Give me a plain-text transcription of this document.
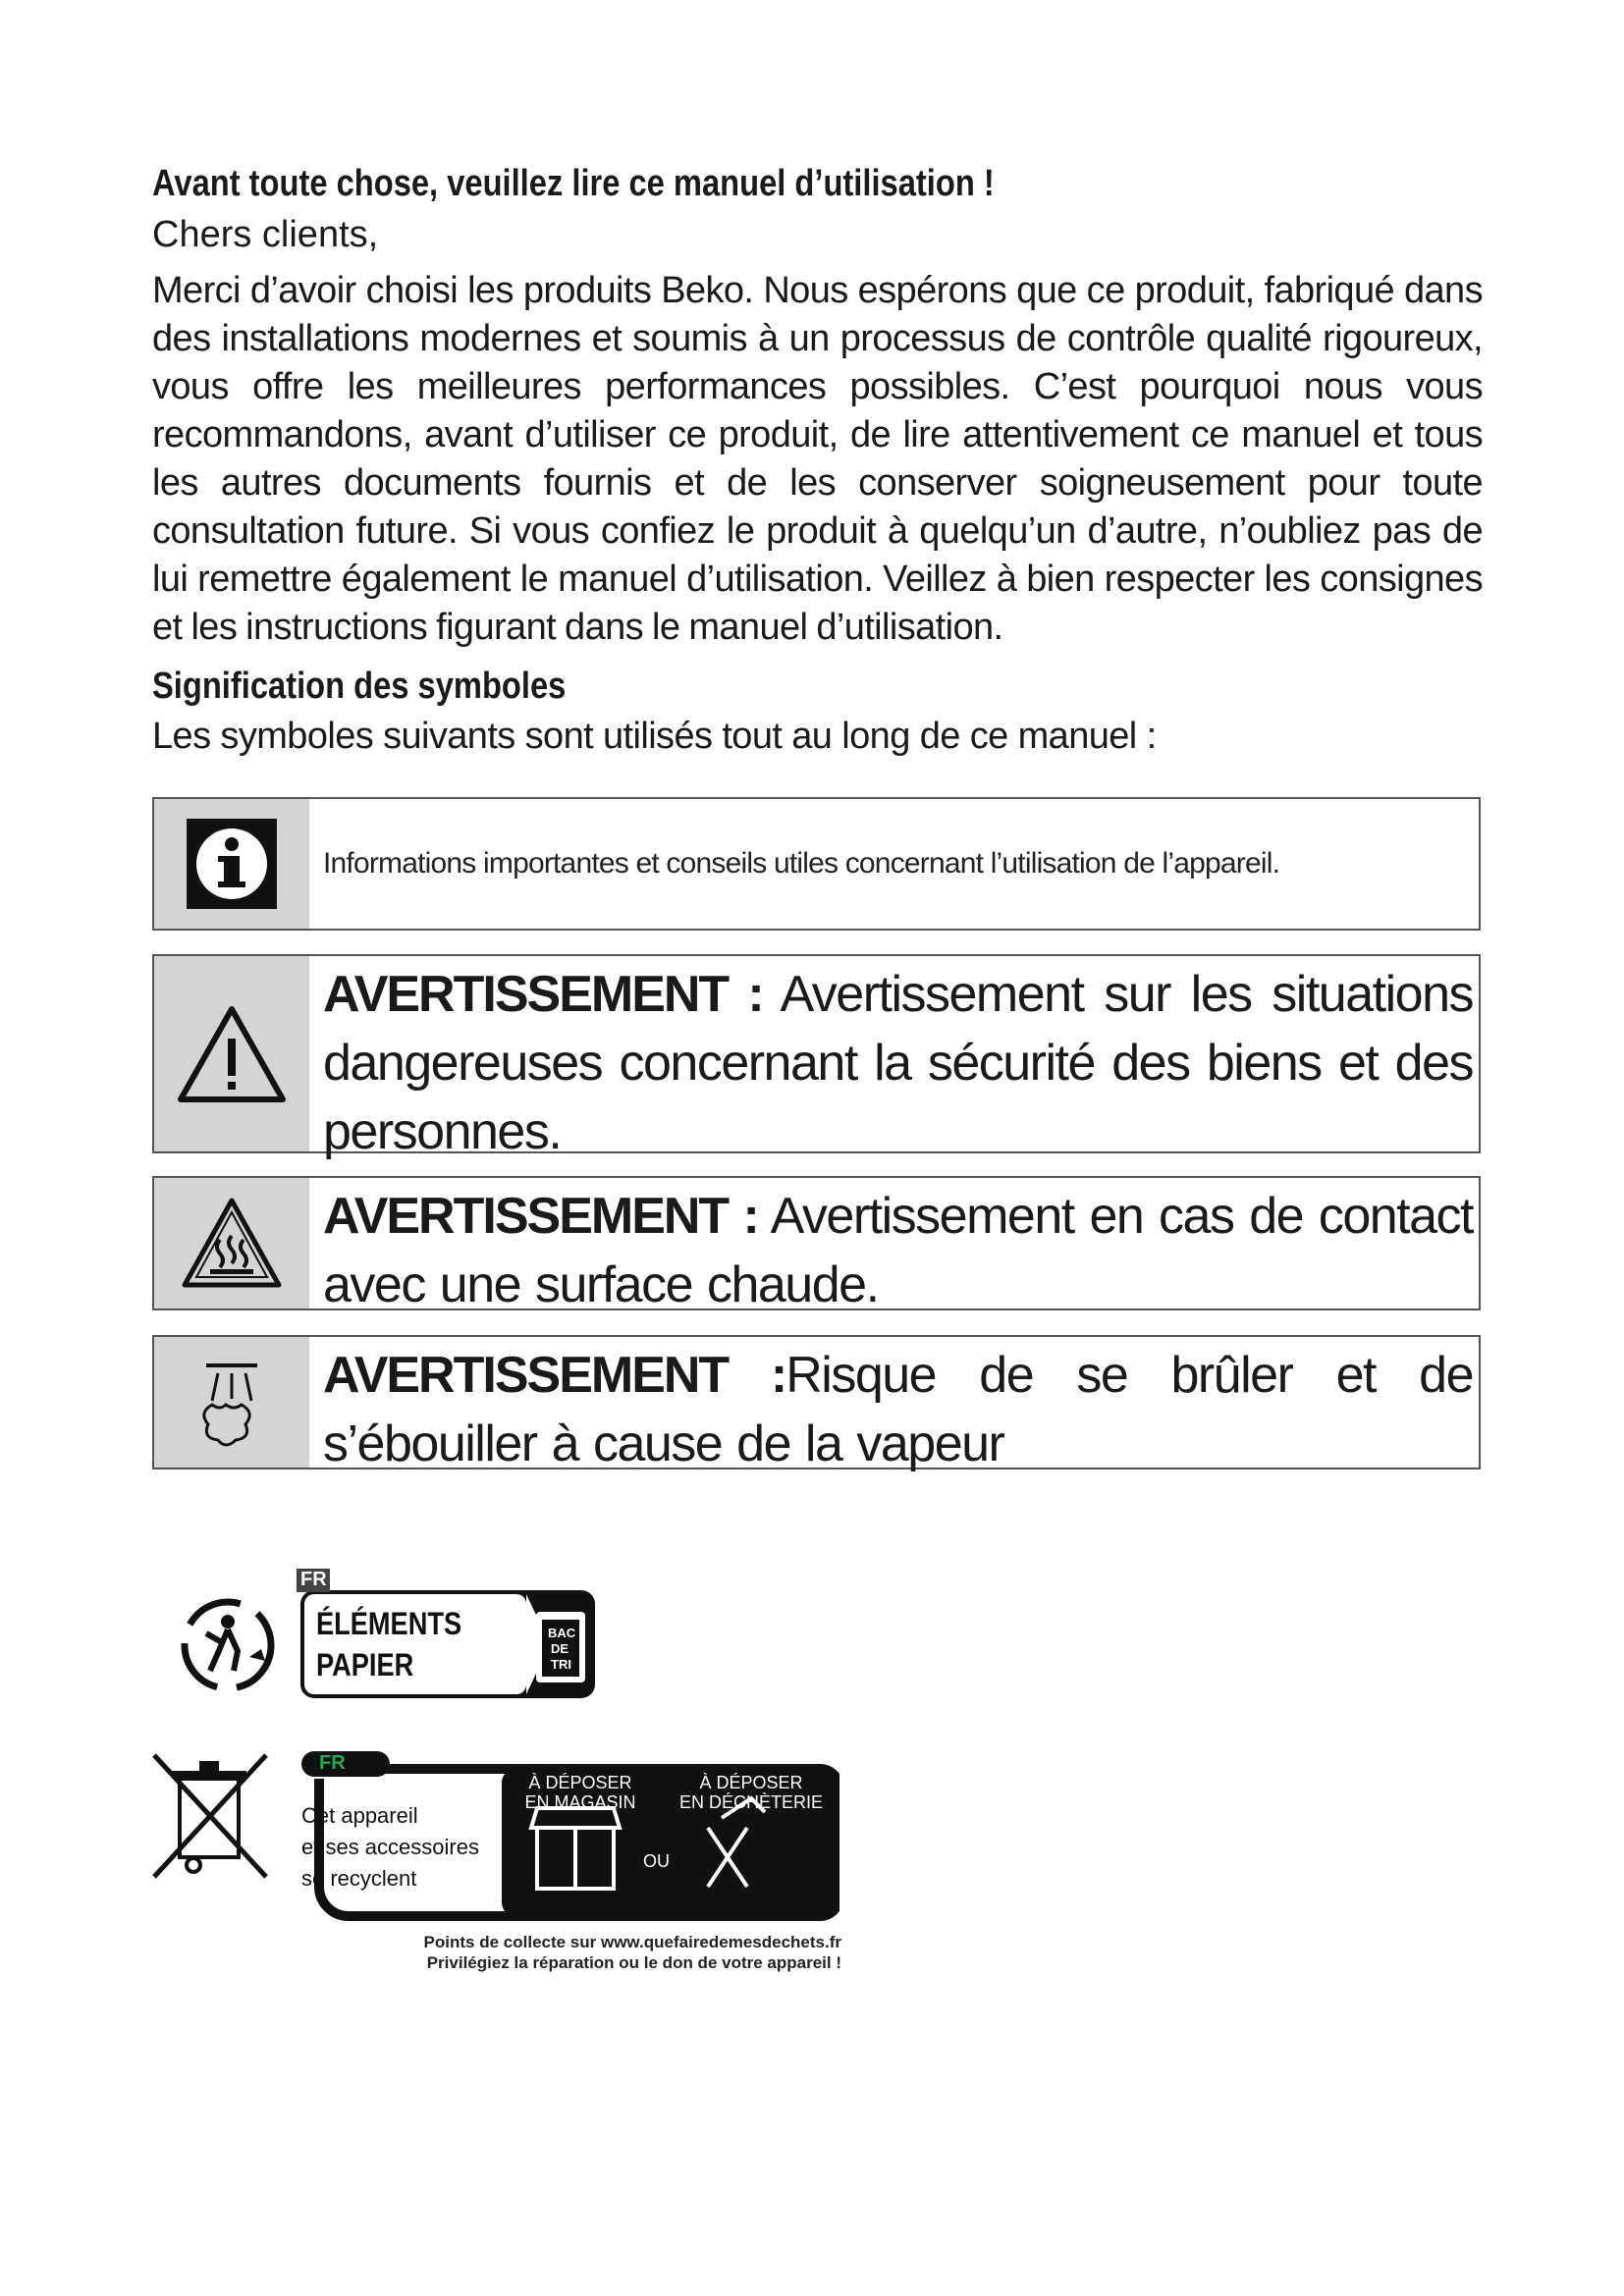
Avant toute chose, veuillez lire ce manuel d’utilisation !

Chers clients,

Merci d’avoir choisi les produits Beko. Nous espérons que ce produit, fabriqué dans des installations modernes et soumis à un processus de contrôle qualité rigoureux, vous offre les meilleures performances possibles. C’est pourquoi nous vous recommandons, avant d’utiliser ce produit, de lire attentivement ce manuel et tous les autres documents fournis et de les conserver soigneusement pour toute consultation future. Si vous confiez le produit à quelqu’un d’autre, n’oubliez pas de lui remettre également le manuel d’utilisation. Veillez à bien respecter les consignes et les instructions figurant dans le manuel d’utilisation.

Signification des symboles

Les symboles suivants sont utilisés tout au long de ce manuel :

Informations importantes et conseils utiles concernant l’utilisation de l’appareil.
AVERTISSEMENT : Avertissement sur les situations dangereuses concernant la sécurité des biens et des personnes.
AVERTISSEMENT : Avertissement en cas de contact avec une surface chaude.
AVERTISSEMENT :Risque de se brûler et de s’ébouiller à cause de la vapeur
FR
ÉLÉMENTS
PAPIER
BAC
DE
TRI
FR
Cet appareil
et ses accessoires
se recyclent
À DÉPOSER
EN MAGASIN
OU
À DÉPOSER
EN DÉCHÈTERIE
Points de collecte sur www.quefairedemesdechets.fr
Privilégiez la réparation ou le don de votre appareil !
